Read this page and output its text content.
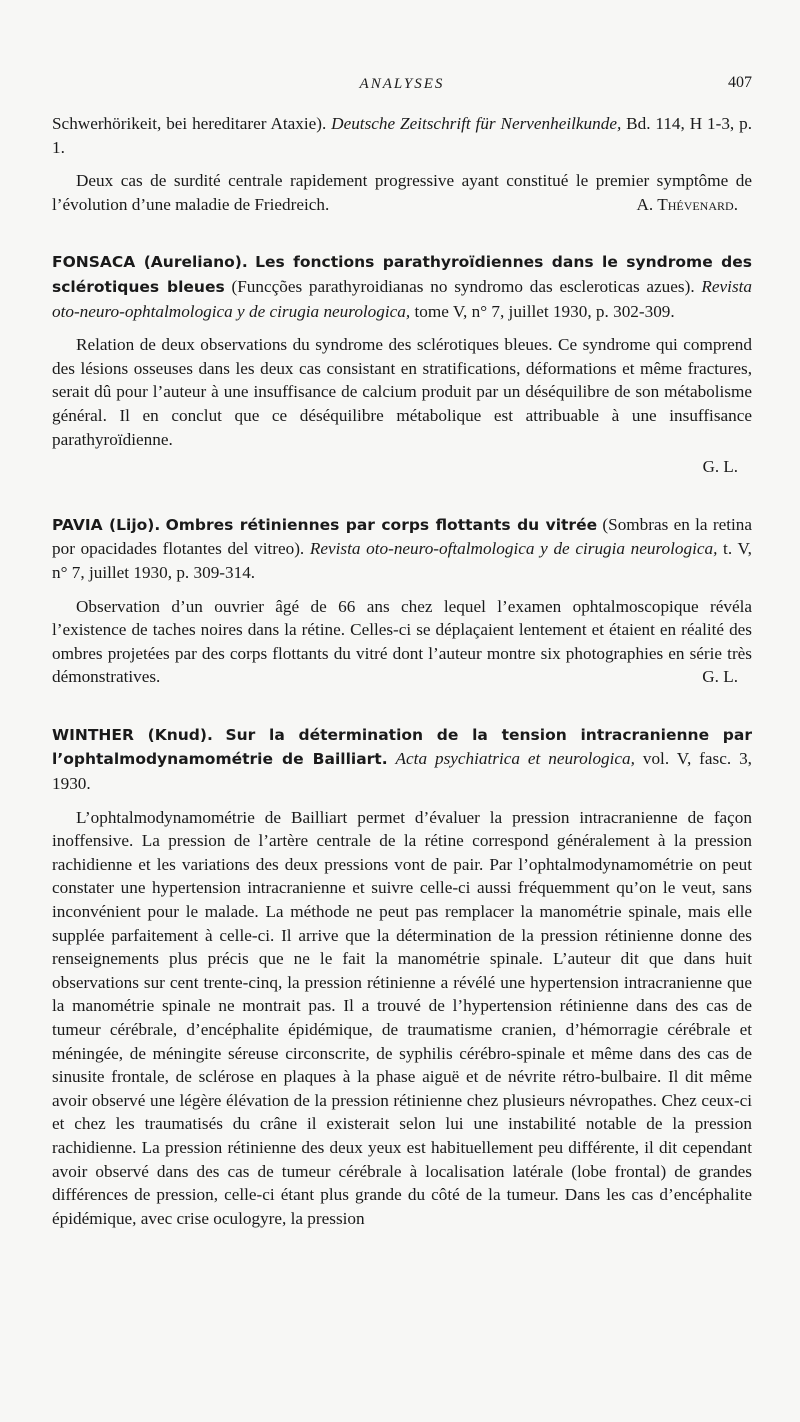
ANALYSES	407

Schwerhörikeit, bei hereditarer Ataxie). Deutsche Zeitschrift für Nervenheilkunde, Bd. 114, H 1-3, p. 1.

Deux cas de surdité centrale rapidement progressive ayant constitué le premier symptôme de l’évolution d’une maladie de Friedreich.	A. Thévenard.

FONSACA (Aureliano). Les fonctions parathyroïdiennes dans le syndrome des sclérotiques bleues (Funcções parathyroidianas no syndromo das escleroticas azues). Revista oto-neuro-ophtalmologica y de cirugia neurologica, tome V, n° 7, juillet 1930, p. 302-309.

Relation de deux observations du syndrome des sclérotiques bleues. Ce syndrome qui comprend des lésions osseuses dans les deux cas consistant en stratifications, déformations et même fractures, serait dû pour l’auteur à une insuffisance de calcium produit par un déséquilibre de son métabolisme général. Il en conclut que ce déséquilibre métabolique est attribuable à une insuffisance parathyroïdienne.

G. L.

PAVIA (Lijo). Ombres rétiniennes par corps flottants du vitrée (Sombras en la retina por opacidades flotantes del vitreo). Revista oto-neuro-oftalmologica y de cirugia neurologica, t. V, n° 7, juillet 1930, p. 309-314.

Observation d’un ouvrier âgé de 66 ans chez lequel l’examen ophtalmoscopique révéla l’existence de taches noires dans la rétine. Celles-ci se déplaçaient lentement et étaient en réalité des ombres projetées par des corps flottants du vitré dont l’auteur montre six photographies en série très démonstratives.	G. L.

WINTHER (Knud). Sur la détermination de la tension intracranienne par l’ophtalmodynamométrie de Bailliart. Acta psychiatrica et neurologica, vol. V, fasc. 3, 1930.

L’ophtalmodynamométrie de Bailliart permet d’évaluer la pression intracranienne de façon inoffensive. La pression de l’artère centrale de la rétine correspond généralement à la pression rachidienne et les variations des deux pressions vont de pair. Par l’ophtalmodynamométrie on peut constater une hypertension intracranienne et suivre celle-ci aussi fréquemment qu’on le veut, sans inconvénient pour le malade. La méthode ne peut pas remplacer la manométrie spinale, mais elle supplée parfaitement à celle-ci. Il arrive que la détermination de la pression rétinienne donne des renseignements plus précis que ne le fait la manométrie spinale. L’auteur dit que dans huit observations sur cent trente-cinq, la pression rétinienne a révélé une hypertension intracranienne que la manométrie spinale ne montrait pas. Il a trouvé de l’hypertension rétinienne dans des cas de tumeur cérébrale, d’encéphalite épidémique, de traumatisme cranien, d’hémorragie cérébrale et méningée, de méningite séreuse circonscrite, de syphilis cérébro-spinale et même dans des cas de sinusite frontale, de sclérose en plaques à la phase aiguë et de névrite rétro-bulbaire. Il dit même avoir observé une légère élévation de la pression rétinienne chez plusieurs névropathes. Chez ceux-ci et chez les traumatisés du crâne il existerait selon lui une instabilité notable de la pression rachidienne. La pression rétinienne des deux yeux est habituellement peu différente, il dit cependant avoir observé dans des cas de tumeur cérébrale à localisation latérale (lobe frontal) de grandes différences de pression, celle-ci étant plus grande du côté de la tumeur. Dans les cas d’encéphalite épidémique, avec crise oculogyre, la pression
